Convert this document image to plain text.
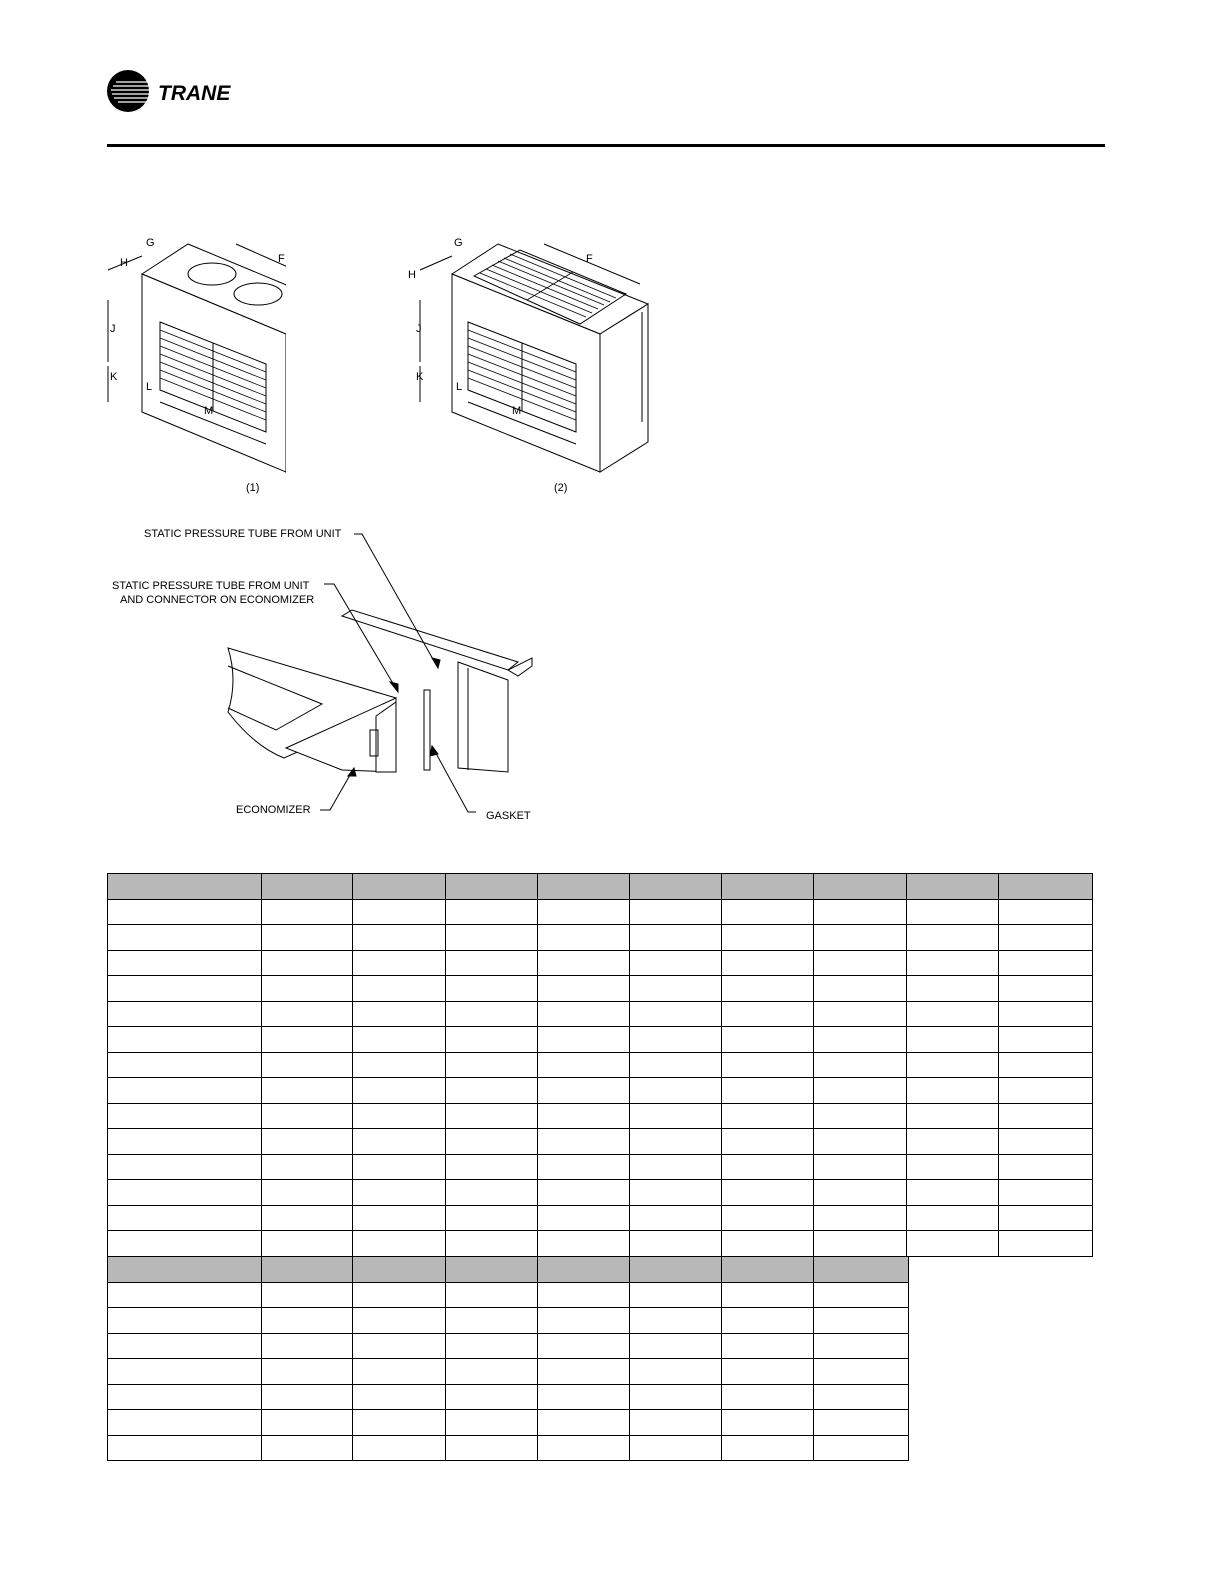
TRANE
G
H	F
J
K
L
M
(1)
G
H
F
J
K
L
M
(2)
STATIC PRESSURE TUBE FROM UNIT
STATIC PRESSURE TUBE FROM UNIT
AND CONNECTOR ON ECONOMIZER
ECONOMIZER	GASKET
